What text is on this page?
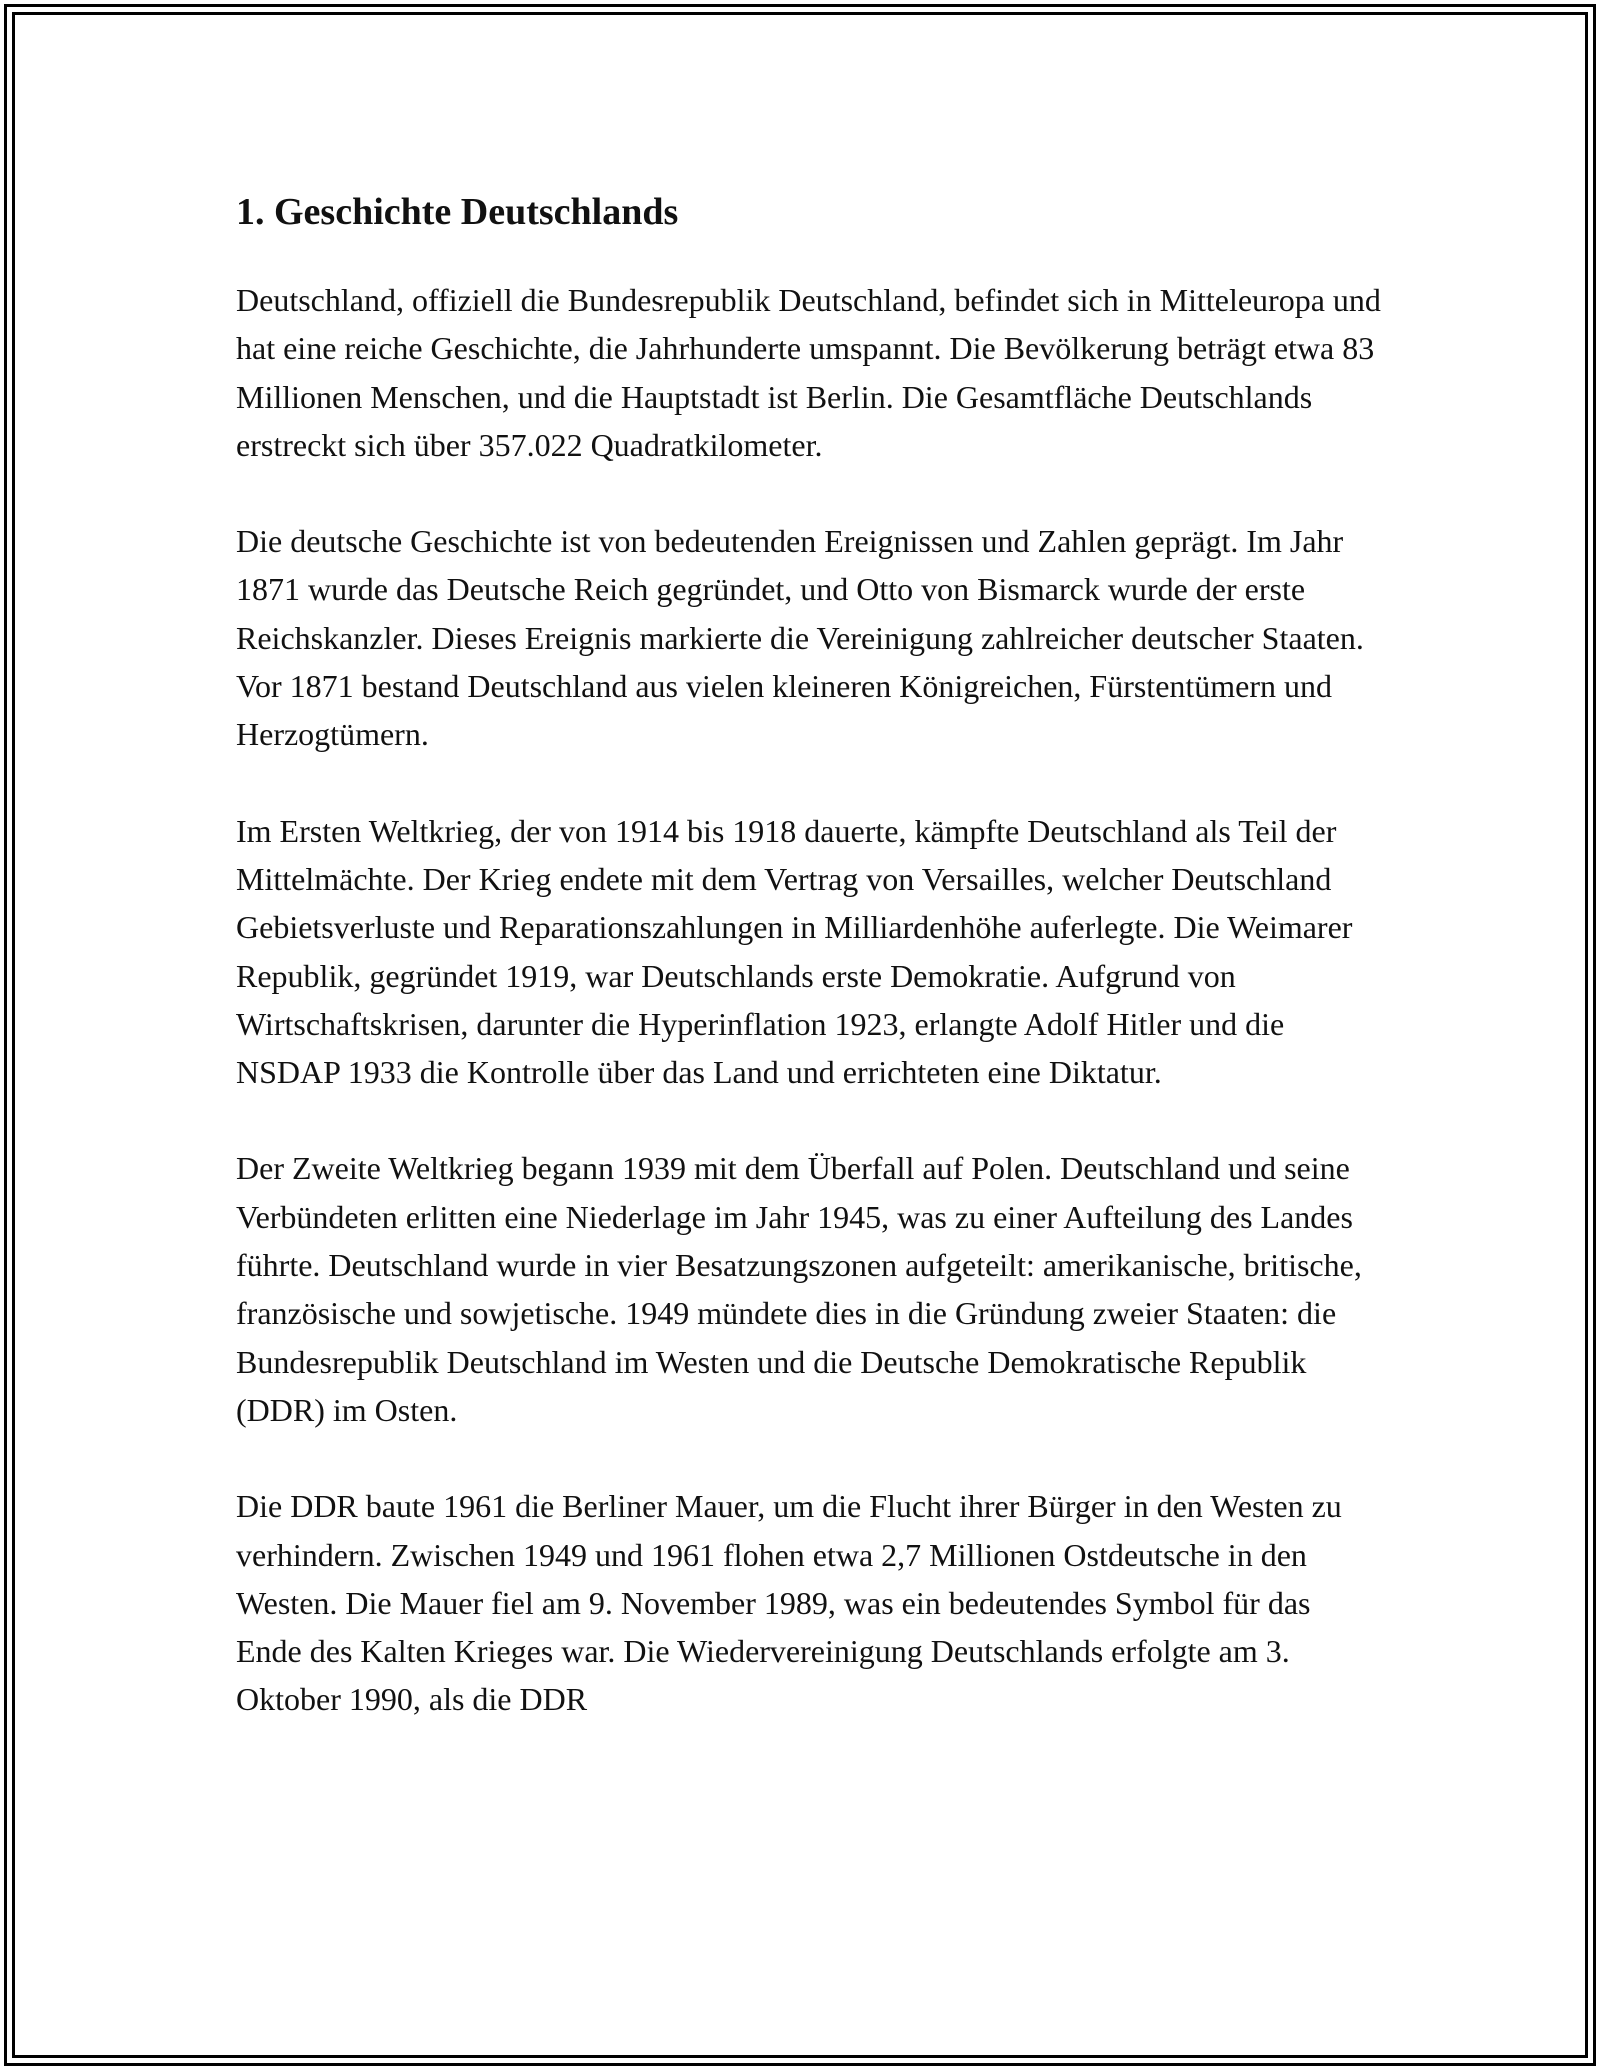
1. Geschichte Deutschlands

Deutschland, offiziell die Bundesrepublik Deutschland, befindet sich in Mitteleuropa und hat eine reiche Geschichte, die Jahrhunderte umspannt. Die Bevölkerung beträgt etwa 83 Millionen Menschen, und die Hauptstadt ist Berlin. Die Gesamtfläche Deutschlands erstreckt sich über 357.022 Quadratkilometer.

Die deutsche Geschichte ist von bedeutenden Ereignissen und Zahlen geprägt. Im Jahr 1871 wurde das Deutsche Reich gegründet, und Otto von Bismarck wurde der erste Reichskanzler. Dieses Ereignis markierte die Vereinigung zahlreicher deutscher Staaten. Vor 1871 bestand Deutschland aus vielen kleineren Königreichen, Fürstentümern und Herzogtümern.

Im Ersten Weltkrieg, der von 1914 bis 1918 dauerte, kämpfte Deutschland als Teil der Mittelmächte. Der Krieg endete mit dem Vertrag von Versailles, welcher Deutschland Gebietsverluste und Reparationszahlungen in Milliardenhöhe auferlegte. Die Weimarer Republik, gegründet 1919, war Deutschlands erste Demokratie. Aufgrund von Wirtschaftskrisen, darunter die Hyperinflation 1923, erlangte Adolf Hitler und die NSDAP 1933 die Kontrolle über das Land und errichteten eine Diktatur.

Der Zweite Weltkrieg begann 1939 mit dem Überfall auf Polen. Deutschland und seine Verbündeten erlitten eine Niederlage im Jahr 1945, was zu einer Aufteilung des Landes führte. Deutschland wurde in vier Besatzungszonen aufgeteilt: amerikanische, britische, französische und sowjetische. 1949 mündete dies in die Gründung zweier Staaten: die Bundesrepublik Deutschland im Westen und die Deutsche Demokratische Republik (DDR) im Osten.

Die DDR baute 1961 die Berliner Mauer, um die Flucht ihrer Bürger in den Westen zu verhindern. Zwischen 1949 und 1961 flohen etwa 2,7 Millionen Ostdeutsche in den Westen. Die Mauer fiel am 9. November 1989, was ein bedeutendes Symbol für das Ende des Kalten Krieges war. Die Wiedervereinigung Deutschlands erfolgte am 3. Oktober 1990, als die DDR
